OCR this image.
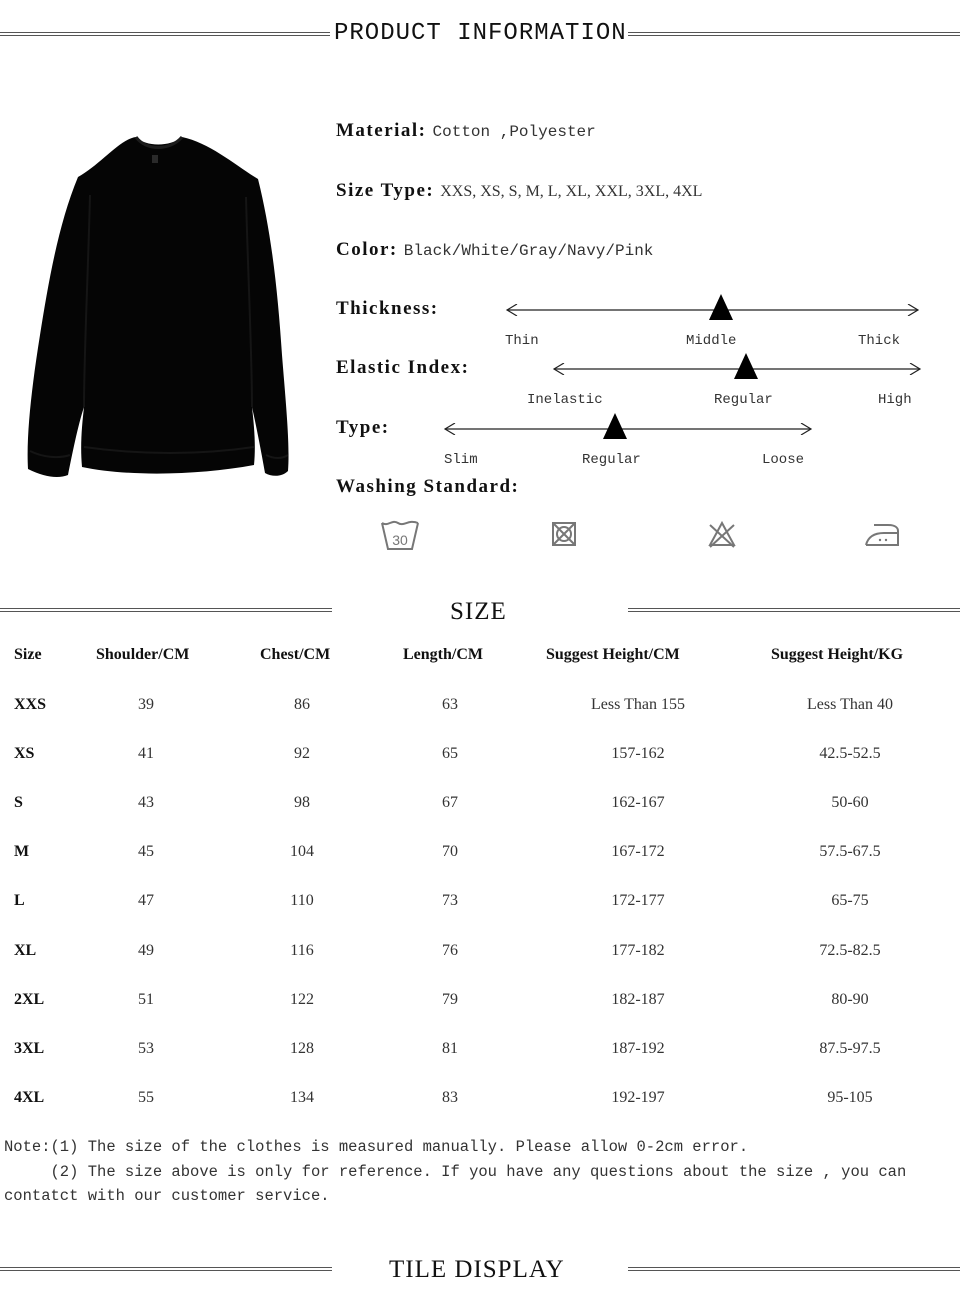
PRODUCT INFORMATION
Material: Cotton ,Polyester
Size Type: XXS, XS, S, M, L, XL, XXL, 3XL, 4XL
Color: Black/White/Gray/Navy/Pink
Thickness:
Thin	Middle	Thick
Elastic Index:
Inelastic	Regular	High
Type:
Slim	Regular	Loose
Washing Standard:
30
SIZE
Size	Shoulder/CM	Chest/CM	Length/CM	Suggest Height/CM	Suggest Height/KG
XXS	39	86	63	Less Than 155	Less Than 40
XS	41	92	65	157-162	42.5-52.5
S	43	98	67	162-167	50-60
M	45	104	70	167-172	57.5-67.5
L	47	110	73	172-177	65-75
XL	49	116	76	177-182	72.5-82.5
2XL	51	122	79	182-187	80-90
3XL	53	128	81	187-192	87.5-97.5
4XL	55	134	83	192-197	95-105
Note:(1) The size of the clothes is measured manually. Please allow 0-2cm error.
(2) The size above is only for reference. If you have any questions about the size , you can
contatct with our customer service.
TILE DISPLAY
